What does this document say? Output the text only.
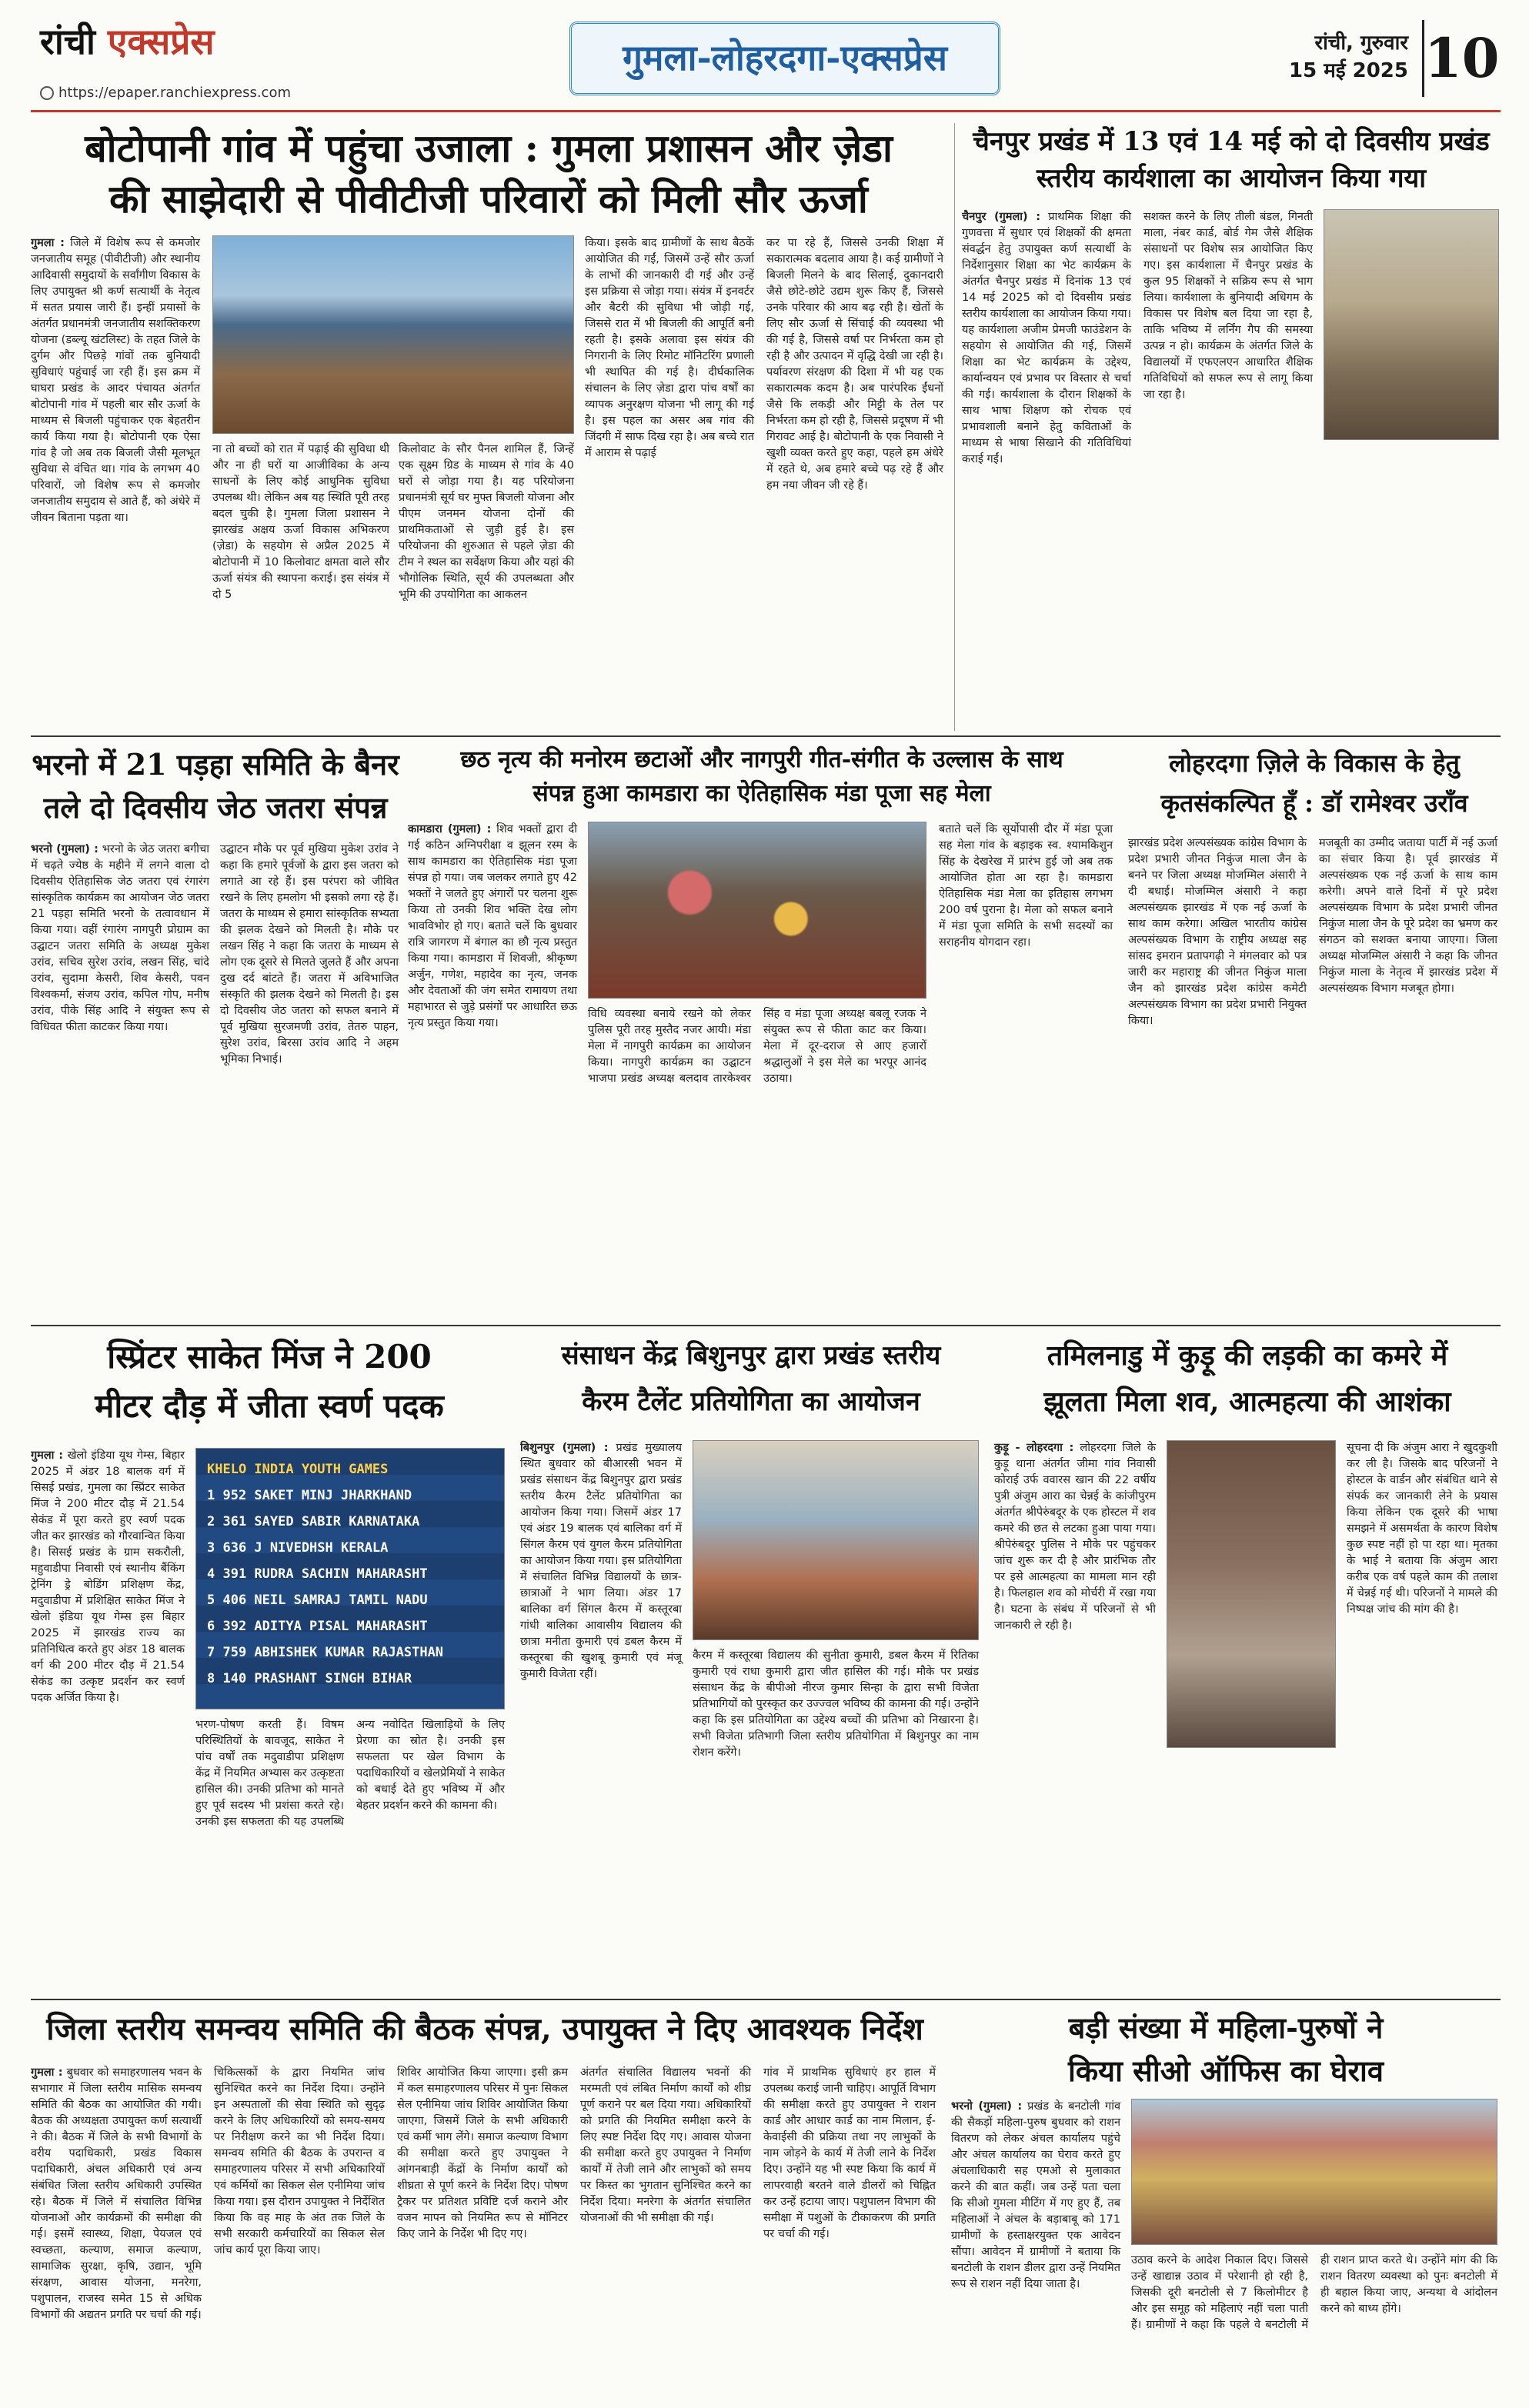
रांची एक्सप्रेस
https://epaper.ranchiexpress.com
गुमला-लोहरदगा-एक्सप्रेस	रांची, गुरुवार
15 मई 2025 10
बोटोपानी गांव में पहुंचा उजाला : गुमला प्रशासन और ज़ेडा
की साझेदारी से पीवीटीजी परिवारों को मिली सौर ऊर्जा
गुमला : जिले में विशेष रूप से कमजोर जनजातीय समूह (पीवीटीजी) और स्थानीय आदिवासी समुदायों के सर्वांगीण विकास के लिए उपायुक्त श्री कर्ण सत्यार्थी के नेतृत्व में सतत प्रयास जारी हैं। इन्हीं प्रयासों के अंतर्गत प्रधानमंत्री जनजातीय सशक्तिकरण योजना (डब्ल्यू खंटलिस्ट) के तहत जिले के दुर्गम और पिछड़े गांवों तक बुनियादी सुविधाएं पहुंचाई जा रही हैं। इस क्रम में घाघरा प्रखंड के आदर पंचायत अंतर्गत बोटोपानी गांव में पहली बार सौर ऊर्जा के माध्यम से बिजली पहुंचाकर एक बेहतरीन कार्य किया गया है। बोटोपानी एक ऐसा गांव है जो अब तक बिजली जैसी मूलभूत सुविधा से वंचित था। गांव के लगभग 40 परिवारों, जो विशेष रूप से कमजोर जनजातीय समुदाय से आते हैं, को अंधेरे में जीवन बिताना पड़ता था।
ना तो बच्चों को रात में पढ़ाई की सुविधा थी और ना ही घरों या आजीविका के अन्य साधनों के लिए कोई आधुनिक सुविधा उपलब्ध थी। लेकिन अब यह स्थिति पूरी तरह बदल चुकी है। गुमला जिला प्रशासन ने झारखंड अक्षय ऊर्जा विकास अभिकरण (ज़ेडा) के सहयोग से अप्रैल 2025 में बोटोपानी में 10 किलोवाट क्षमता वाले सौर ऊर्जा संयंत्र की स्थापना कराई। इस संयंत्र में दो 5
किलोवाट के सौर पैनल शामिल हैं, जिन्हें एक सूक्ष्म ग्रिड के माध्यम से गांव के 40 घरों से जोड़ा गया है। यह परियोजना प्रधानमंत्री सूर्य घर मुफ्त बिजली योजना और पीएम जनमन योजना दोनों की प्राथमिकताओं से जुड़ी हुई है। इस परियोजना की शुरुआत से पहले ज़ेडा की टीम ने स्थल का सर्वेक्षण किया और यहां की भौगोलिक स्थिति, सूर्य की उपलब्धता और भूमि की उपयोगिता का आकलन
किया। इसके बाद ग्रामीणों के साथ बैठकें आयोजित की गईं, जिसमें उन्हें सौर ऊर्जा के लाभों की जानकारी दी गई और उन्हें इस प्रक्रिया से जोड़ा गया। संयंत्र में इनवर्टर और बैटरी की सुविधा भी जोड़ी गई, जिससे रात में भी बिजली की आपूर्ति बनी रहती है। इसके अलावा इस संयंत्र की निगरानी के लिए रिमोट मॉनिटरिंग प्रणाली भी स्थापित की गई है। दीर्घकालिक संचालन के लिए ज़ेडा द्वारा पांच वर्षों का व्यापक अनुरक्षण योजना भी लागू की गई है। इस पहल का असर अब गांव की जिंदगी में साफ दिख रहा है। अब बच्चे रात में आराम से पढ़ाई
कर पा रहे हैं, जिससे उनकी शिक्षा में सकारात्मक बदलाव आया है। कई ग्रामीणों ने बिजली मिलने के बाद सिलाई, दुकानदारी जैसे छोटे-छोटे उद्यम शुरू किए हैं, जिससे उनके परिवार की आय बढ़ रही है। खेतों के लिए सौर ऊर्जा से सिंचाई की व्यवस्था भी की गई है, जिससे वर्षा पर निर्भरता कम हो रही है और उत्पादन में वृद्धि देखी जा रही है। पर्यावरण संरक्षण की दिशा में भी यह एक सकारात्मक कदम है। अब पारंपरिक ईंधनों जैसे कि लकड़ी और मिट्टी के तेल पर निर्भरता कम हो रही है, जिससे प्रदूषण में भी गिरावट आई है। बोटोपानी के एक निवासी ने खुशी व्यक्त करते हुए कहा, पहले हम अंधेरे में रहते थे, अब हमारे बच्चे पढ़ रहे हैं और हम नया जीवन जी रहे हैं।
चैनपुर प्रखंड में 13 एवं 14 मई को दो दिवसीय प्रखंड स्तरीय कार्यशाला का आयोजन किया गया
चैनपुर (गुमला) : प्राथमिक शिक्षा की गुणवत्ता में सुधार एवं शिक्षकों की क्षमता संवर्द्धन हेतु उपायुक्त कर्ण सत्यार्थी के निर्देशानुसार शिक्षा का भेट कार्यक्रम के अंतर्गत चैनपुर प्रखंड में दिनांक 13 एवं 14 मई 2025 को दो दिवसीय प्रखंड स्तरीय कार्यशाला का आयोजन किया गया। यह कार्यशाला अजीम प्रेमजी फाउंडेशन के सहयोग से आयोजित की गई, जिसमें शिक्षा का भेट कार्यक्रम के उद्देश्य, कार्यान्वयन एवं प्रभाव पर विस्तार से चर्चा की गई। कार्यशाला के दौरान शिक्षकों के साथ भाषा शिक्षण को रोचक एवं प्रभावशाली बनाने हेतु कविताओं के माध्यम से भाषा सिखाने की गतिविधियां कराई गईं।
सशक्त करने के लिए तीली बंडल, गिनती माला, नंबर कार्ड, बोर्ड गेम जैसे शैक्षिक संसाधनों पर विशेष सत्र आयोजित किए गए। इस कार्यशाला में चैनपुर प्रखंड के कुल 95 शिक्षकों ने सक्रिय रूप से भाग लिया। कार्यशाला के बुनियादी अधिगम के विकास पर विशेष बल दिया जा रहा है, ताकि भविष्य में लर्निंग गैप की समस्या उत्पन्न न हो। कार्यक्रम के अंतर्गत जिले के विद्यालयों में एफएलएन आधारित शैक्षिक गतिविधियों को सफल रूप से लागू किया जा रहा है।
भरनो में 21 पड़हा समिति के बैनर
तले दो दिवसीय जेठ जतरा संपन्न
भरनो (गुमला) : भरनो के जेठ जतरा बगीचा में चढ़ते ज्येष्ठ के महीने में लगने वाला दो दिवसीय ऐतिहासिक जेठ जतरा एवं रंगारंग सांस्कृतिक कार्यक्रम का आयोजन जेठ जतरा 21 पड़हा समिति भरनो के तत्वावधान में किया गया। वहीं रंगारंग नागपुरी प्रोग्राम का उद्घाटन जतरा समिति के अध्यक्ष मुकेश उरांव, सचिव सुरेश उरांव, लखन सिंह, चांदे उरांव, सुदामा केसरी, शिव केसरी, पवन विश्वकर्मा, संजय उरांव, कपिल गोप, मनीष उरांव, पीके सिंह आदि ने संयुक्त रूप से विधिवत फीता काटकर किया गया।
उद्घाटन मौके पर पूर्व मुखिया मुकेश उरांव ने कहा कि हमारे पूर्वजों के द्वारा इस जतरा को लगाते आ रहे हैं। इस परंपरा को जीवित रखने के लिए हमलोग भी इसको लगा रहे हैं। जतरा के माध्यम से हमारा सांस्कृतिक सभ्यता की झलक देखने को मिलती है। मौके पर लखन सिंह ने कहा कि जतरा के माध्यम से लोग एक दूसरे से मिलते जुलते हैं और अपना दुख दर्द बांटते हैं। जतरा में अविभाजित संस्कृति की झलक देखने को मिलती है। इस दो दिवसीय जेठ जतरा को सफल बनाने में पूर्व मुखिया सुरजमणी उरांव, तेतरु पाहन, सुरेश उरांव, बिरसा उरांव आदि ने अहम भूमिका निभाई।
छठ नृत्य की मनोरम छटाओं और नागपुरी गीत-संगीत के उल्लास के साथ
संपन्न हुआ कामडारा का ऐतिहासिक मंडा पूजा सह मेला
कामडारा (गुमला) : शिव भक्तों द्वारा दी गई कठिन अग्निपरीक्षा व झूलन रस्म के साथ कामडारा का ऐतिहासिक मंडा पूजा संपन्न हो गया। जब जलकर लगाते हुए 42 भक्तों ने जलते हुए अंगारों पर चलना शुरू किया तो उनकी शिव भक्ति देख लोग भावविभोर हो गए। बताते चलें कि बुधवार रात्रि जागरण में बंगाल का छौ नृत्य प्रस्तुत किया गया। कामडारा में शिवजी, श्रीकृष्ण अर्जुन, गणेश, महादेव का नृत्य, जनक और देवताओं की जंग समेत रामायण तथा महाभारत से जुड़े प्रसंगों पर आधारित छऊ नृत्य प्रस्तुत किया गया।
विधि व्यवस्था बनाये रखने को लेकर पुलिस पूरी तरह मुस्तैद नजर आयी। मंडा मेला में नागपुरी कार्यक्रम का आयोजन किया। नागपुरी कार्यक्रम का उद्घाटन भाजपा प्रखंड अध्यक्ष बलदाव तारकेश्वर सिंह व मंडा पूजा अध्यक्ष बबलू रजक ने संयुक्त रूप से फीता काट कर किया। मेला में दूर-दराज से आए हजारों श्रद्धालुओं ने इस मेले का भरपूर आनंद उठाया।
बताते चलें कि सूर्योपासी दौर में मंडा पूजा सह मेला गांव के बड़ाइक स्व. श्यामकिशुन सिंह के देखरेख में प्रारंभ हुई जो अब तक आयोजित होता आ रहा है। कामडारा ऐतिहासिक मंडा मेला का इतिहास लगभग 200 वर्ष पुराना है। मेला को सफल बनाने में मंडा पूजा समिति के सभी सदस्यों का सराहनीय योगदान रहा।
लोहरदगा ज़िले के विकास के हेतु
कृतसंकल्पित हूँ : डॉ रामेश्वर उराँव
झारखंड प्रदेश अल्पसंख्यक कांग्रेस विभाग के प्रदेश प्रभारी जीनत निकुंज माला जैन के बनने पर जिला अध्यक्ष मोजम्मिल अंसारी ने दी बधाई। मोजम्मिल अंसारी ने कहा अल्पसंख्यक झारखंड में एक नई ऊर्जा के साथ काम करेगा। अखिल भारतीय कांग्रेस अल्पसंख्यक विभाग के राष्ट्रीय अध्यक्ष सह सांसद इमरान प्रतापगढ़ी ने मंगलवार को पत्र जारी कर महाराष्ट्र की जीनत निकुंज माला जैन को झारखंड प्रदेश कांग्रेस कमेटी अल्पसंख्यक विभाग का प्रदेश प्रभारी नियुक्त किया।
मजबूती का उम्मीद जताया पार्टी में नई ऊर्जा का संचार किया है। पूर्व झारखंड में अल्पसंख्यक एक नई ऊर्जा के साथ काम करेगी। अपने वाले दिनों में पूरे प्रदेश अल्पसंख्यक विभाग के प्रदेश प्रभारी जीनत निकुंज माला जैन के पूरे प्रदेश का भ्रमण कर संगठन को सशक्त बनाया जाएगा। जिला अध्यक्ष मोजम्मिल अंसारी ने कहा कि जीनत निकुंज माला के नेतृत्व में झारखंड प्रदेश में अल्पसंख्यक विभाग मजबूत होगा।
स्प्रिंटर साकेत मिंज ने 200
मीटर दौड़ में जीता स्वर्ण पदक
गुमला : खेलो इंडिया यूथ गेम्स, बिहार 2025 में अंडर 18 बालक वर्ग में सिसई प्रखंड, गुमला का स्प्रिंटर साकेत मिंज ने 200 मीटर दौड़ में 21.54 सेकंड में पूरा करते हुए स्वर्ण पदक जीत कर झारखंड को गौरवान्वित किया है। सिसई प्रखंड के ग्राम सकरौली, महुवाडीपा निवासी एवं स्थानीय बैंकिंग ट्रेनिंग ड्रे बोडिंग प्रशिक्षण केंद्र, मदुवाडीपा में प्रशिक्षित साकेत मिंज ने खेलो इंडिया यूथ गेम्स इस बिहार 2025 में झारखंड राज्य का प्रतिनिधित्व करते हुए अंडर 18 बालक वर्ग की 200 मीटर दौड़ में 21.54 सेकंड का उत्कृष्ट प्रदर्शन कर स्वर्ण पदक अर्जित किया है।
KHELO INDIA YOUTH GAMES
1 952 SAKET MINJ JHARKHAND
2 361 SAYED SABIR KARNATAKA
3 636 J NIVEDHSH KERALA
4 391 RUDRA SACHIN MAHARASHT
5 406 NEIL SAMRAJ TAMIL NADU
6 392 ADITYA PISAL MAHARASHT
7 759 ABHISHEK KUMAR RAJASTHAN
8 140 PRASHANT SINGH BIHAR
भरण-पोषण करती हैं। विषम परिस्थितियों के बावजूद, साकेत ने पांच वर्षों तक मदुवाडीपा प्रशिक्षण केंद्र में नियमित अभ्यास कर उत्कृष्टता हासिल की। उनकी प्रतिभा को मानते हुए पूर्व सदस्य भी प्रशंसा करते रहे। उनकी इस सफलता की यह उपलब्धि अन्य नवोदित खिलाड़ियों के लिए प्रेरणा का स्रोत है। उनकी इस सफलता पर खेल विभाग के पदाधिकारियों व खेलप्रेमियों ने साकेत को बधाई देते हुए भविष्य में और बेहतर प्रदर्शन करने की कामना की।
संसाधन केंद्र बिशुनपुर द्वारा प्रखंड स्तरीय
कैरम टैलेंट प्रतियोगिता का आयोजन
बिशुनपुर (गुमला) : प्रखंड मुख्यालय स्थित बुधवार को बीआरसी भवन में प्रखंड संसाधन केंद्र बिशुनपुर द्वारा प्रखंड स्तरीय कैरम टैलेंट प्रतियोगिता का आयोजन किया गया। जिसमें अंडर 17 एवं अंडर 19 बालक एवं बालिका वर्ग में सिंगल कैरम एवं युगल कैरम प्रतियोगिता का आयोजन किया गया। इस प्रतियोगिता में संचालित विभिन्न विद्यालयों के छात्र-छात्राओं ने भाग लिया। अंडर 17 बालिका वर्ग सिंगल कैरम में कस्तूरबा गांधी बालिका आवासीय विद्यालय की छात्रा मनीता कुमारी एवं डबल कैरम में कस्तूरबा की खुशबू कुमारी एवं मंजू कुमारी विजेता रहीं।
कैरम में कस्तूरबा विद्यालय की सुनीता कुमारी, डबल कैरम में रितिका कुमारी एवं राधा कुमारी द्वारा जीत हासिल की गई। मौके पर प्रखंड संसाधन केंद्र के बीपीओ नीरज कुमार सिन्हा के द्वारा सभी विजेता प्रतिभागियों को पुरस्कृत कर उज्ज्वल भविष्य की कामना की गई। उन्होंने कहा कि इस प्रतियोगिता का उद्देश्य बच्चों की प्रतिभा को निखारना है। सभी विजेता प्रतिभागी जिला स्तरीय प्रतियोगिता में बिशुनपुर का नाम रोशन करेंगे।
तमिलनाडु में कुड़ू की लड़की का कमरे में
झूलता मिला शव, आत्महत्या की आशंका
कुड़ू - लोहरदगा : लोहरदगा जिले के कुड़ू थाना अंतर्गत जीमा गांव निवासी कोराई उर्फ ववारस खान की 22 वर्षीय पुत्री अंजुम आरा का चेन्नई के कांजीपुरम अंतर्गत श्रीपेरुंबदूर के एक होस्टल में शव कमरे की छत से लटका हुआ पाया गया। श्रीपेरुंबदूर पुलिस ने मौके पर पहुंचकर जांच शुरू कर दी है और प्रारंभिक तौर पर इसे आत्महत्या का मामला मान रही है। फिलहाल शव को मोर्चरी में रखा गया है। घटना के संबंध में परिजनों से भी जानकारी ले रही है।
सूचना दी कि अंजुम आरा ने खुदकुशी कर ली है। जिसके बाद परिजनों ने होस्टल के वार्डन और संबंधित थाने से संपर्क कर जानकारी लेने के प्रयास किया लेकिन एक दूसरे की भाषा समझने में असमर्थता के कारण विशेष कुछ स्पष्ट नहीं हो पा रहा था। मृतका के भाई ने बताया कि अंजुम आरा करीब एक वर्ष पहले काम की तलाश में चेन्नई गई थी। परिजनों ने मामले की निष्पक्ष जांच की मांग की है।
जिला स्तरीय समन्वय समिति की बैठक संपन्न, उपायुक्त ने दिए आवश्यक निर्देश
गुमला : बुधवार को समाहरणालय भवन के सभागार में जिला स्तरीय मासिक समन्वय समिति की बैठक का आयोजित की गयी। बैठक की अध्यक्षता उपायुक्त कर्ण सत्यार्थी ने की। बैठक में जिले के सभी विभागों के वरीय पदाधिकारी, प्रखंड विकास पदाधिकारी, अंचल अधिकारी एवं अन्य संबंधित जिला स्तरीय अधिकारी उपस्थित रहे। बैठक में जिले में संचालित विभिन्न योजनाओं और कार्यक्रमों की समीक्षा की गई। इसमें स्वास्थ्य, शिक्षा, पेयजल एवं स्वच्छता, कल्याण, समाज कल्याण, सामाजिक सुरक्षा, कृषि, उद्यान, भूमि संरक्षण, आवास योजना, मनरेगा, पशुपालन, राजस्व समेत 15 से अधिक विभागों की अद्यतन प्रगति पर चर्चा की गई।
चिकित्सकों के द्वारा नियमित जांच सुनिश्चित करने का निर्देश दिया। उन्होंने इन अस्पतालों की सेवा स्थिति को सुदृढ़ करने के लिए अधिकारियों को समय-समय पर निरीक्षण करने का भी निर्देश दिया। समन्वय समिति की बैठक के उपरान्त व समाहरणालय परिसर में सभी अधिकारियों एवं कर्मियों का सिकल सेल एनीमिया जांच किया गया। इस दौरान उपायुक्त ने निर्देशित किया कि वह माह के अंत तक जिले के सभी सरकारी कर्मचारियों का सिकल सेल जांच कार्य पूरा किया जाए।
शिविर आयोजित किया जाएगा। इसी क्रम में कल समाहरणालय परिसर में पुनः सिकल सेल एनीमिया जांच शिविर आयोजित किया जाएगा, जिसमें जिले के सभी अधिकारी एवं कर्मी भाग लेंगे। समाज कल्याण विभाग की समीक्षा करते हुए उपायुक्त ने आंगनबाड़ी केंद्रों के निर्माण कार्यों को शीघ्रता से पूर्ण करने के निर्देश दिए। पोषण ट्रैकर पर प्रतिशत प्रविष्टि दर्ज कराने और वजन मापन को नियमित रूप से मॉनिटर किए जाने के निर्देश भी दिए गए।
अंतर्गत संचालित विद्यालय भवनों की मरम्मती एवं लंबित निर्माण कार्यों को शीघ्र पूर्ण कराने पर बल दिया गया। अधिकारियों को प्रगति की नियमित समीक्षा करने के लिए स्पष्ट निर्देश दिए गए। आवास योजना की समीक्षा करते हुए उपायुक्त ने निर्माण कार्यों में तेजी लाने और लाभुकों को समय पर किस्त का भुगतान सुनिश्चित करने का निर्देश दिया। मनरेगा के अंतर्गत संचालित योजनाओं की भी समीक्षा की गई।
गांव में प्राथमिक सुविधाएं हर हाल में उपलब्ध कराई जानी चाहिए। आपूर्ति विभाग की समीक्षा करते हुए उपायुक्त ने राशन कार्ड और आधार कार्ड का नाम मिलान, ई-केवाईसी की प्रक्रिया तथा नए लाभुकों के नाम जोड़ने के कार्य में तेजी लाने के निर्देश दिए। उन्होंने यह भी स्पष्ट किया कि कार्य में लापरवाही बरतने वाले डीलरों को चिह्नित कर उन्हें हटाया जाए। पशुपालन विभाग की समीक्षा में पशुओं के टीकाकरण की प्रगति पर चर्चा की गई।
बड़ी संख्या में महिला-पुरुषों ने
किया सीओ ऑफिस का घेराव
भरनो (गुमला) : प्रखंड के बनटोली गांव की सैकड़ों महिला-पुरुष बुधवार को राशन वितरण को लेकर अंचल कार्यालय पहुंचे और अंचल कार्यालय का घेराव करते हुए अंचलाधिकारी सह एमओ से मुलाकात करने की बात कहीं। जब उन्हें पता चला कि सीओ गुमला मीटिंग में गए हुए हैं, तब महिलाओं ने अंचल के बड़ाबाबू को 171 ग्रामीणों के हस्ताक्षरयुक्त एक आवेदन सौंपा। आवेदन में ग्रामीणों ने बताया कि बनटोली के राशन डीलर द्वारा उन्हें नियमित रूप से राशन नहीं दिया जाता है।
उठाव करने के आदेश निकाल दिए। जिससे उन्हें खाद्यान्न उठाव में परेशानी हो रही है, जिसकी दूरी बनटोली से 7 किलोमीटर है और इस समूह को महिलाएं नहीं चला पाती हैं। ग्रामीणों ने कहा कि पहले वे बनटोली में ही राशन प्राप्त करते थे। उन्होंने मांग की कि राशन वितरण व्यवस्था को पुनः बनटोली में ही बहाल किया जाए, अन्यथा वे आंदोलन करने को बाध्य होंगे।
